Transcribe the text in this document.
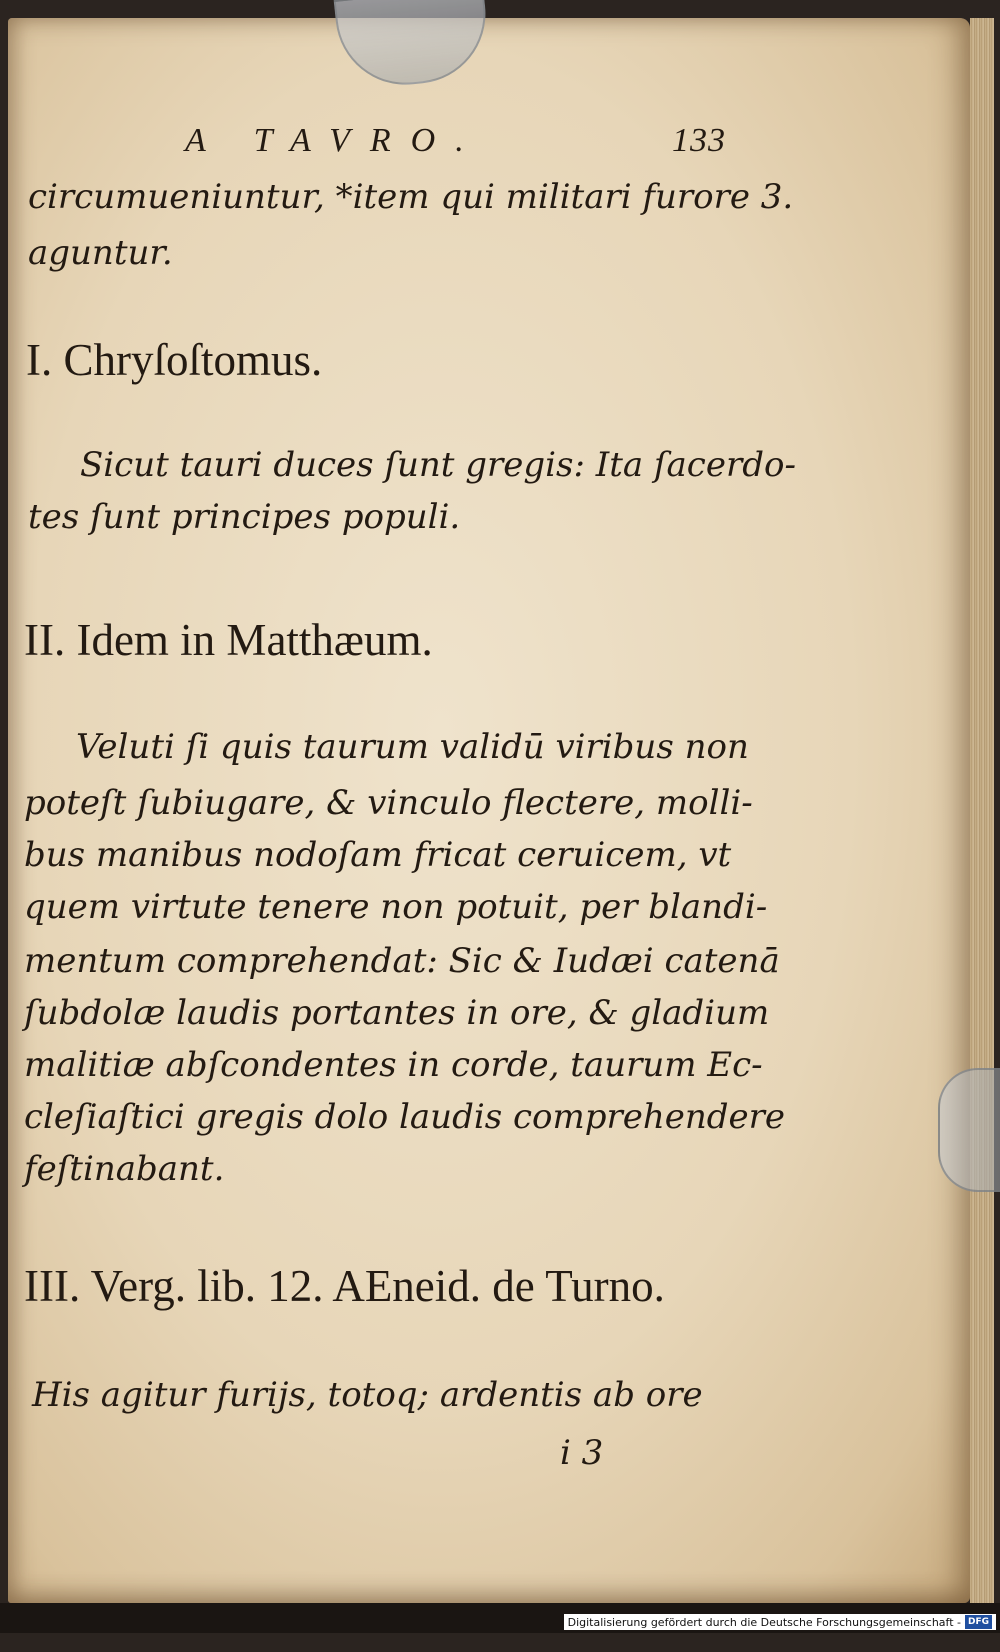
A TAVRO.	133
circumueniuntur, *item qui militari furore 3.
aguntur.
I. Chryſoſtomus.
Sicut tauri duces ſunt gregis: Ita ſacerdo-
tes ſunt principes populi.
II. Idem in Matthæum.
Veluti ſi quis taurum validū viribus non
poteſt ſubiugare, & vinculo flectere, molli-
bus manibus nodoſam fricat ceruicem, vt
quem virtute tenere non potuit, per blandi-
mentum comprehendat: Sic & Iudæi catenā
ſubdolæ laudis portantes in ore, & gladium
malitiæ abſcondentes in corde, taurum Ec-
cleſiaſtici gregis dolo laudis comprehendere
feſtinabant.
III. Verg. lib. 12. AEneid. de Turno.
His agitur furijs, totoq; ardentis ab ore
i 3
Digitalisierung gefördert durch die Deutsche Forschungsgemeinschaft - DFG
